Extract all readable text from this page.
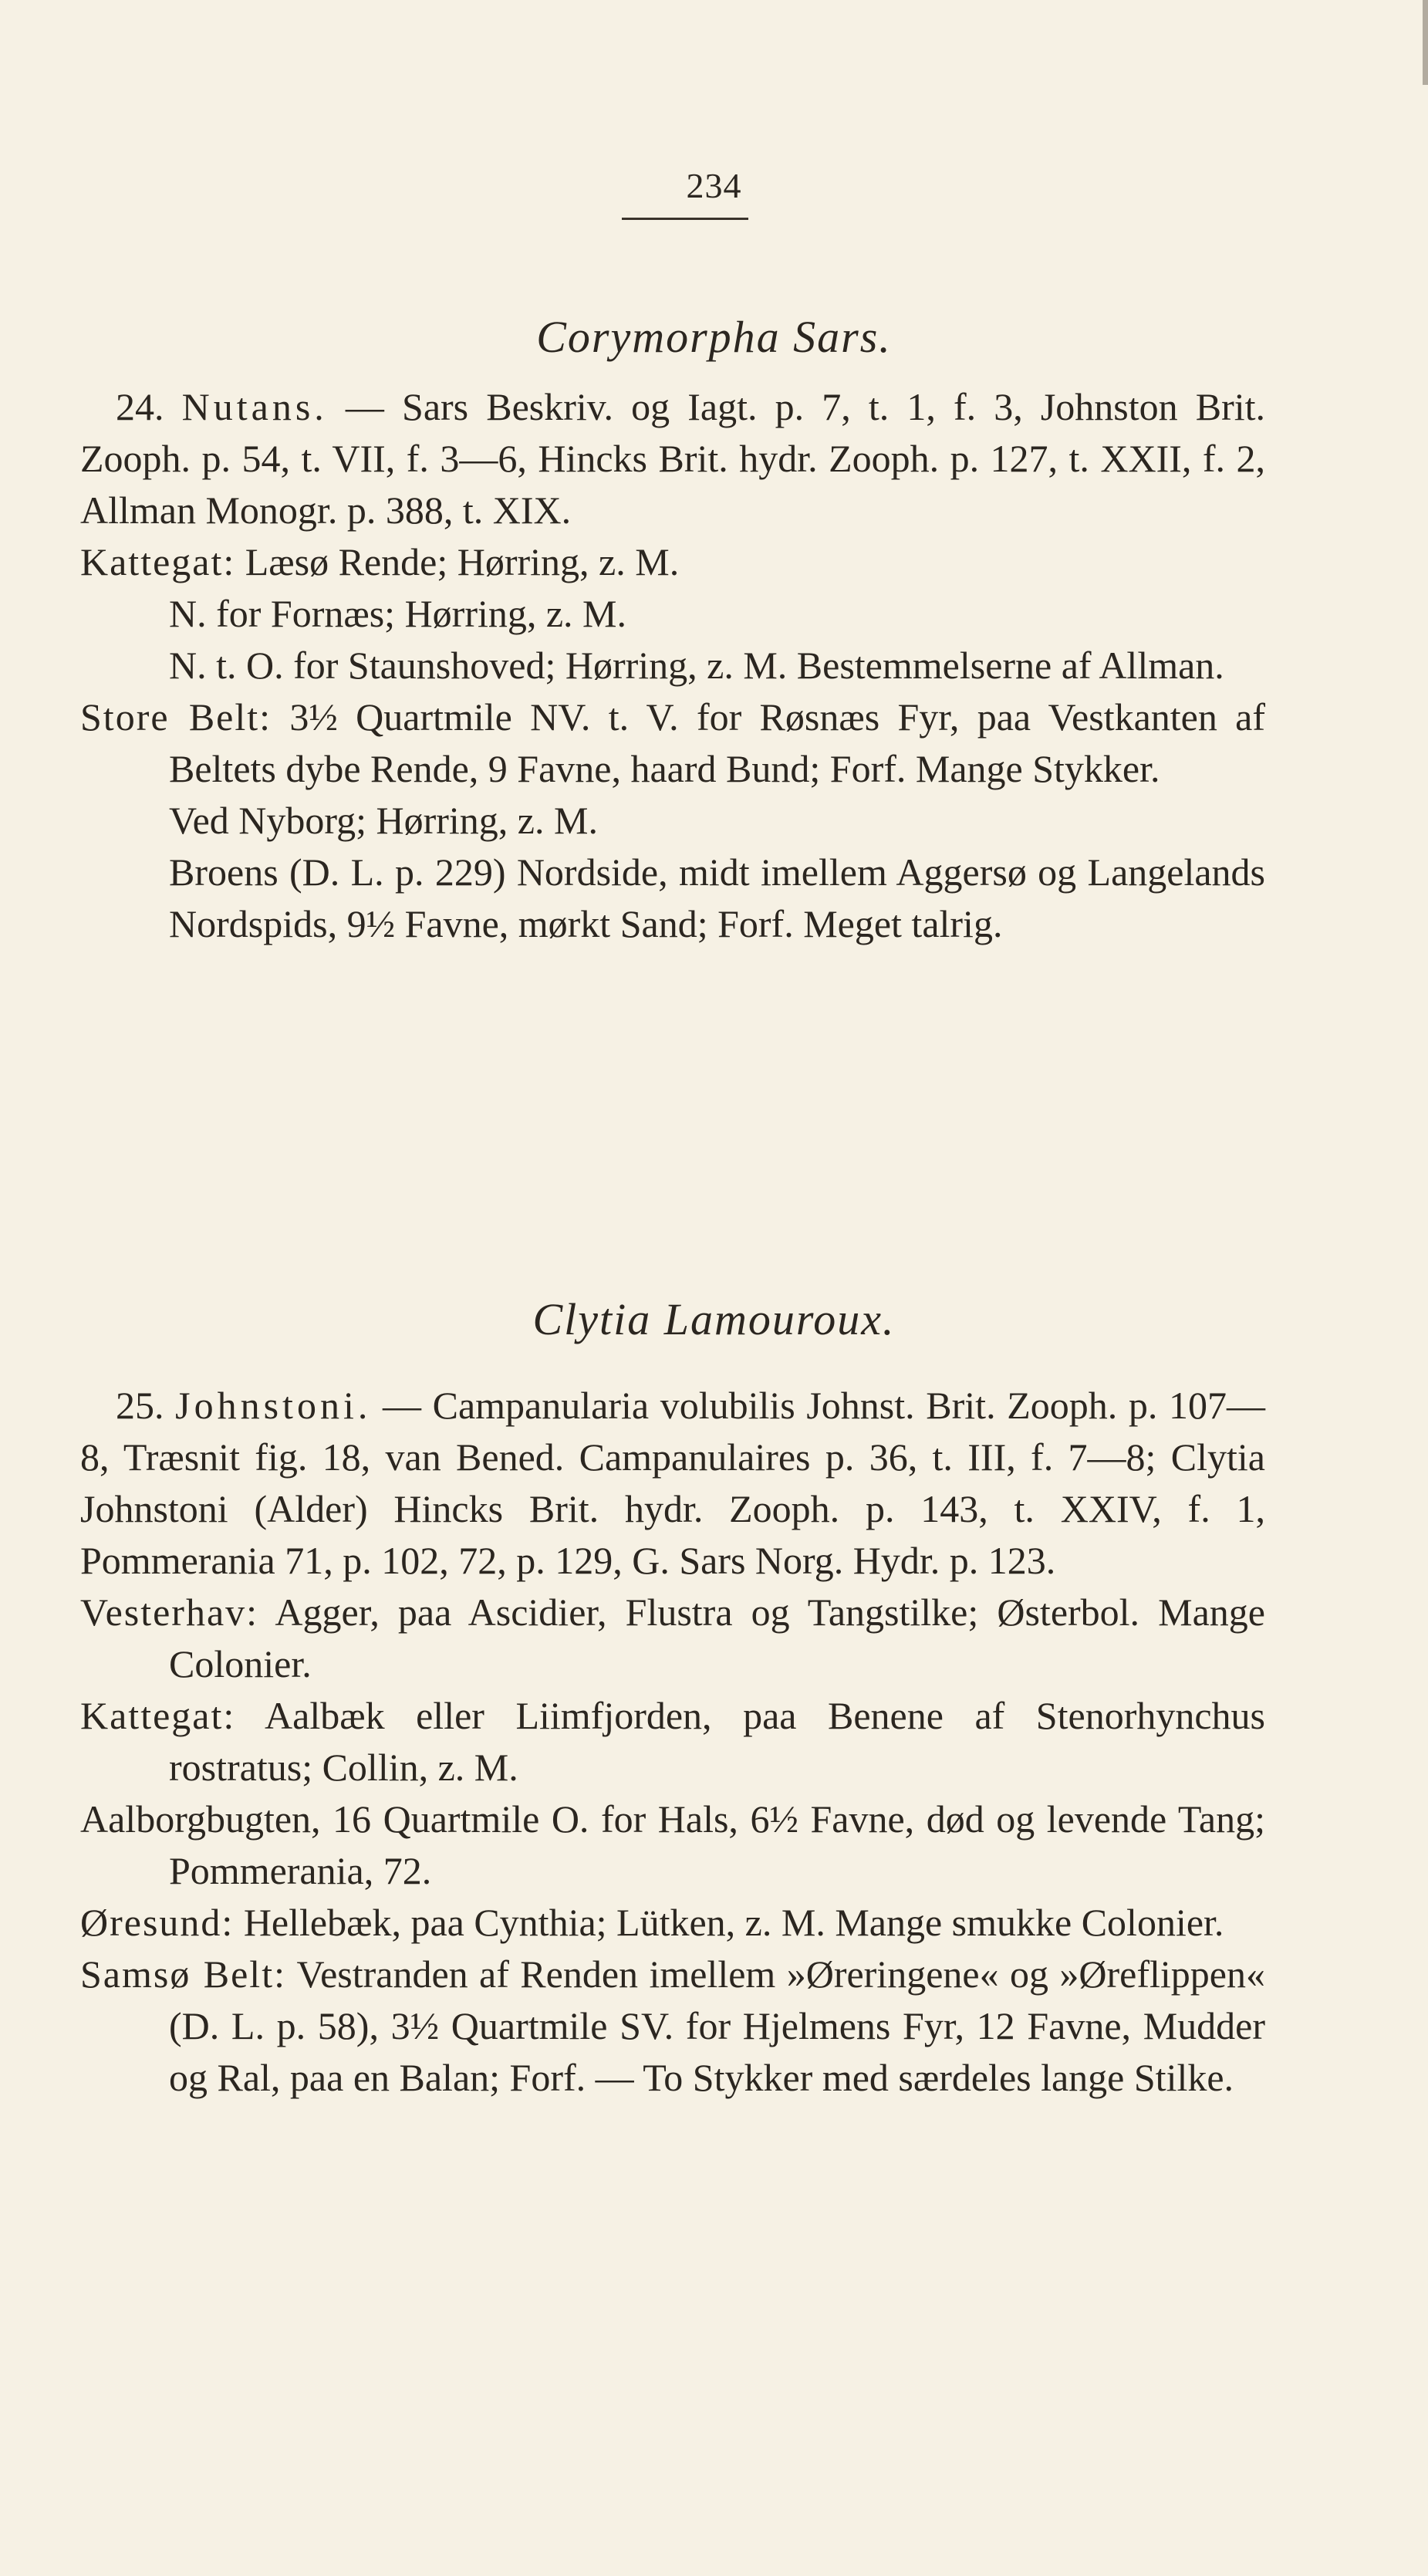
234
Corymorpha Sars.

24. Nutans. — Sars Beskriv. og Iagt. p. 7, t. 1, f. 3, Johnston Brit. Zooph. p. 54, t. VII, f. 3—6, Hincks Brit. hydr. Zooph. p. 127, t. XXII, f. 2, Allman Monogr. p. 388, t. XIX.

Kattegat: Læsø Rende; Hørring, z. M.

N. for Fornæs; Hørring, z. M.

N. t. O. for Staunshoved; Hørring, z. M. Bestemmelserne af Allman.

Store Belt: 3½ Quartmile NV. t. V. for Røsnæs Fyr, paa Vestkanten af Beltets dybe Rende, 9 Favne, haard Bund; Forf. Mange Stykker.

Ved Nyborg; Hørring, z. M.

Broens (D. L. p. 229) Nordside, midt imellem Aggersø og Langelands Nordspids, 9½ Favne, mørkt Sand; Forf. Meget talrig.

Clytia Lamouroux.

25. Johnstoni. — Campanularia volubilis Johnst. Brit. Zooph. p. 107—8, Træsnit fig. 18, van Bened. Campanulaires p. 36, t. III, f. 7—8; Clytia Johnstoni (Alder) Hincks Brit. hydr. Zooph. p. 143, t. XXIV, f. 1, Pommerania 71, p. 102, 72, p. 129, G. Sars Norg. Hydr. p. 123.

Vesterhav: Agger, paa Ascidier, Flustra og Tangstilke; Østerbol. Mange Colonier.

Kattegat: Aalbæk eller Liimfjorden, paa Benene af Stenorhynchus rostratus; Collin, z. M.

Aalborgbugten, 16 Quartmile O. for Hals, 6½ Favne, død og levende Tang; Pommerania, 72.

Øresund: Hellebæk, paa Cynthia; Lütken, z. M. Mange smukke Colonier.

Samsø Belt: Vestranden af Renden imellem »Øreringene« og »Øreflippen« (D. L. p. 58), 3½ Quartmile SV. for Hjelmens Fyr, 12 Favne, Mudder og Ral, paa en Balan; Forf. — To Stykker med særdeles lange Stilke.
